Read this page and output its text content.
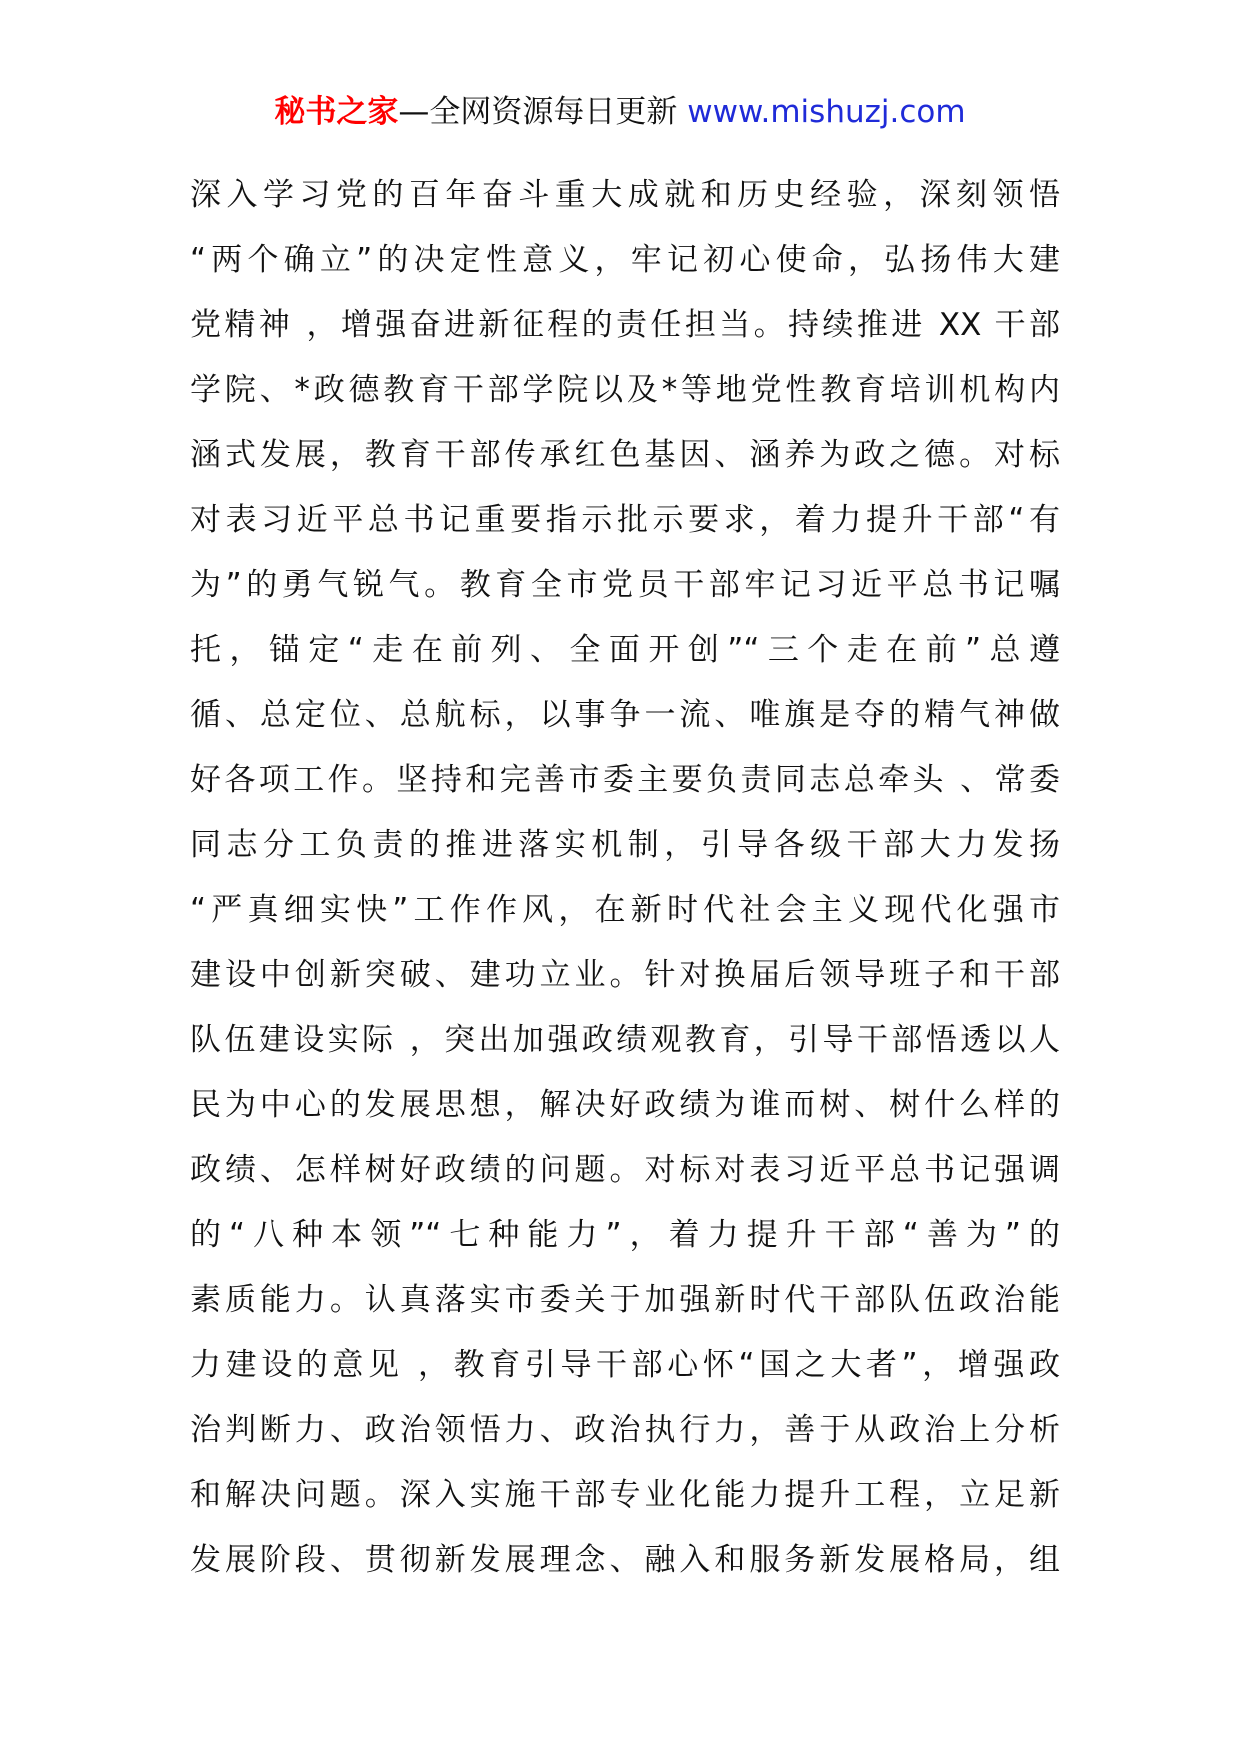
秘书之家—全网资源每日更新 www.mishuzj.com
深入学习党的百年奋斗重大成就和历史经验，深刻领悟
“两个确立”的决定性意义，牢记初心使命，弘扬伟大建
党精神 ，增强奋进新征程的责任担当。持续推进 XX 干部
学院、*政德教育干部学院以及*等地党性教育培训机构内
涵式发展，教育干部传承红色基因、涵养为政之德。对标
对表习近平总书记重要指示批示要求，着力提升干部“有
为”的勇气锐气。教育全市党员干部牢记习近平总书记嘱
托，锚定“走在前列、全面开创”“三个走在前”总遵
循、总定位、总航标，以事争一流、唯旗是夺的精气神做
好各项工作。坚持和完善市委主要负责同志总牵头 、常委
同志分工负责的推进落实机制，引导各级干部大力发扬
“严真细实快”工作作风，在新时代社会主义现代化强市
建设中创新突破、建功立业。针对换届后领导班子和干部
队伍建设实际 ，突出加强政绩观教育，引导干部悟透以人
民为中心的发展思想，解决好政绩为谁而树、树什么样的
政绩、怎样树好政绩的问题。对标对表习近平总书记强调
的“八种本领”“七种能力”，着力提升干部“善为”的
素质能力。认真落实市委关于加强新时代干部队伍政治能
力建设的意见 ，教育引导干部心怀“国之大者”，增强政
治判断力、政治领悟力、政治执行力，善于从政治上分析
和解决问题。深入实施干部专业化能力提升工程，立足新
发展阶段、贯彻新发展理念、融入和服务新发展格局，组
